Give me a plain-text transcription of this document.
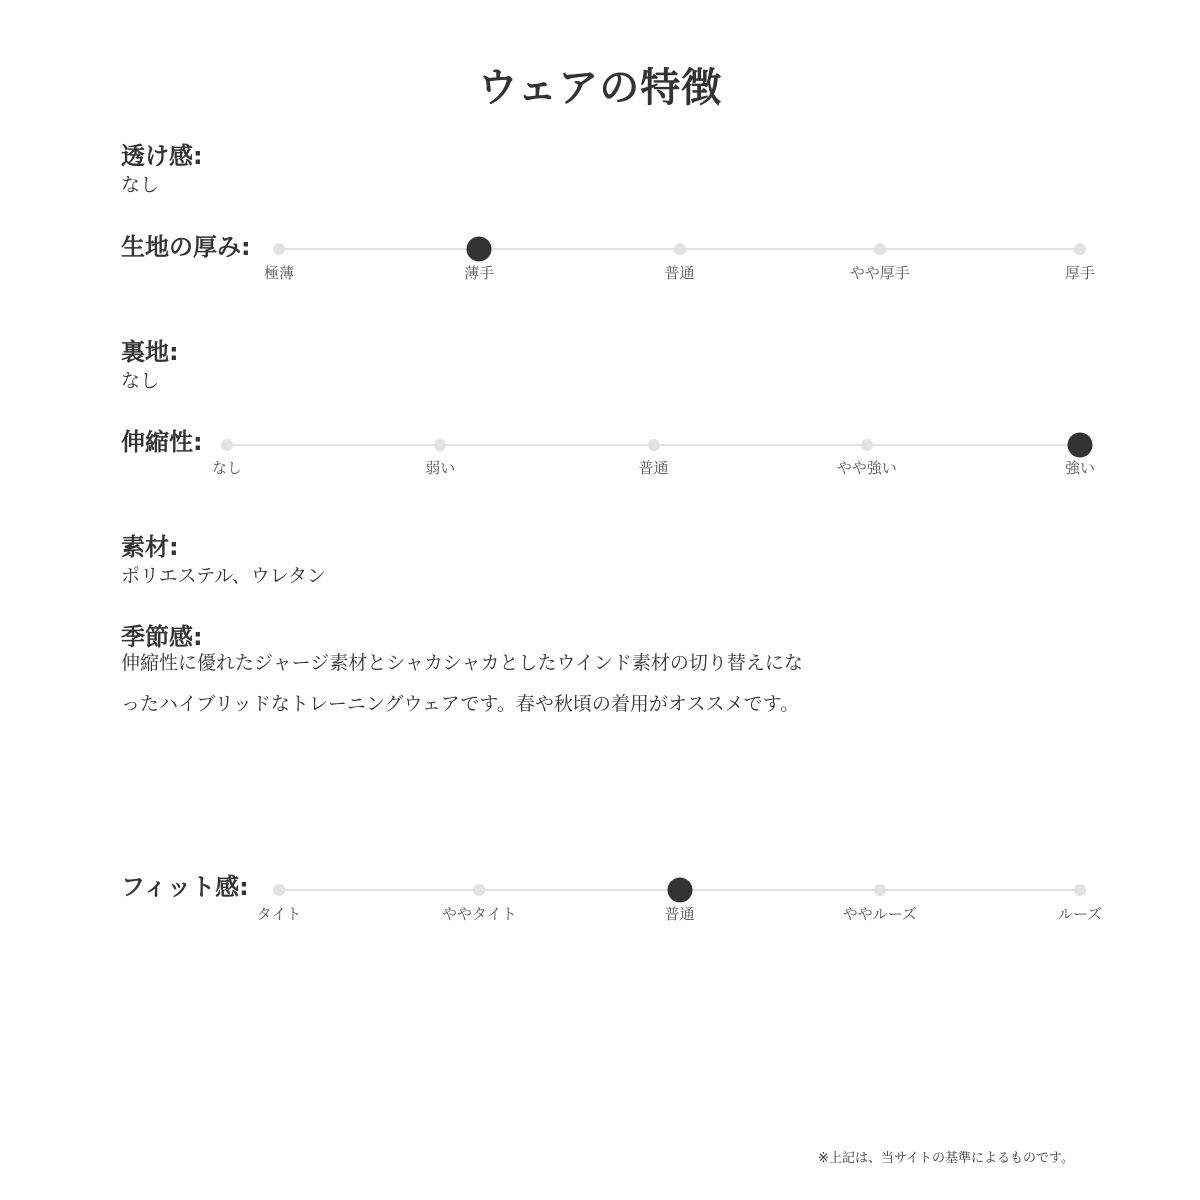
ウェアの特徴
透け感:
なし
生地の厚み:
極薄	薄手	普通	やや厚手	厚手
裏地:
なし
伸縮性:
なし	弱い	普通	やや強い	強い
素材:
ポリエステル、ウレタン
季節感:
伸縮性に優れたジャージ素材とシャカシャカとしたウインド素材の切り替えにな
ったハイブリッドなトレーニングウェアです。春や秋頃の着用がオススメです。
フィット感:
タイト	ややタイト	普通	ややルーズ	ルーズ
※上記は、当サイトの基準によるものです。
